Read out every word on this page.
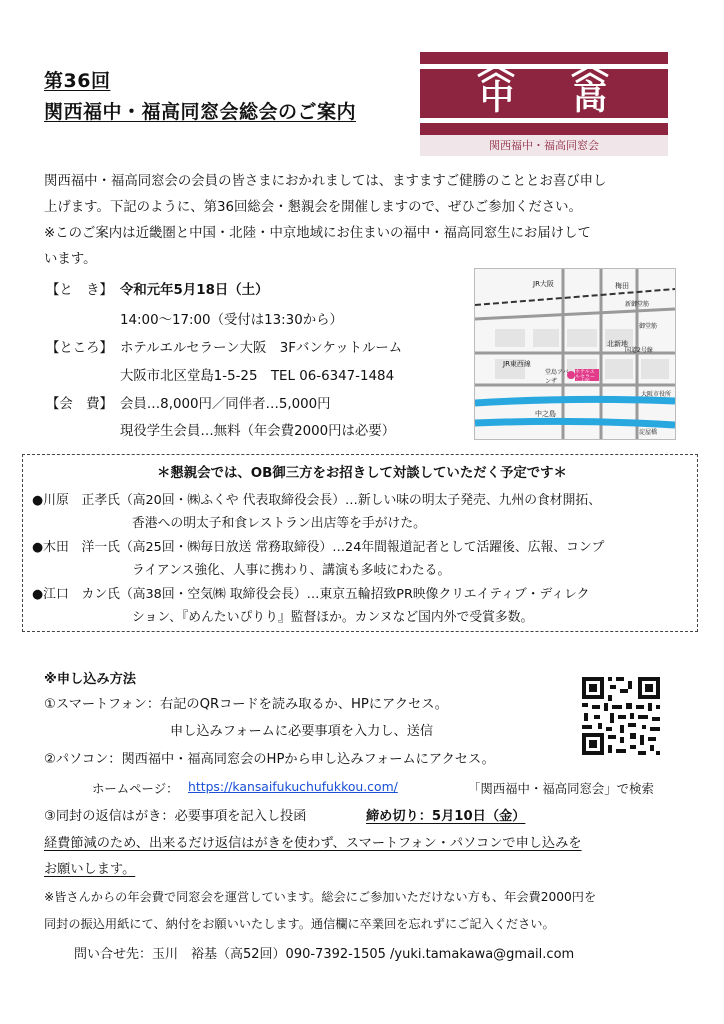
第36回
関西福中・福高同窓会総会のご案内	中 高
関西福中・福高同窓会
関西福中・福高同窓会の会員の皆さまにおかれましては、ますますご健勝のこととお喜び申し
上げます。下記のように、第36回総会・懇親会を開催しますので、ぜひご参加ください。
※このご案内は近畿圏と中国・北陸・中京地域にお住まいの福中・福高同窓生にお届けして
います。
【と　き】 令和元年5月18日（土）
14:00〜17:00（受付は13:30から）
【ところ】 ホテルエルセラーン大阪　3Fバンケットルーム
大阪市北区堂島1-5-25　TEL 06-6347-1484
【会　費】 会員…8,000円／同伴者…5,000円
現役学生会員…無料（年会費2000円は必要）
JR大阪	梅田
JR東西線
堂島アバンザ
ホテルエルセラーン大阪
北新地
国道2号線
大阪市役所
中之島
新御堂筋
御堂筋
淀屋橋
＊懇親会では、OB御三方をお招きして対談していただく予定です＊
●川原　正孝氏（高20回・㈱ふくや 代表取締役会長）…新しい味の明太子発売、九州の食材開拓、
香港への明太子和食レストラン出店等を手がけた。
●木田　洋一氏（高25回・㈱毎日放送 常務取締役）…24年間報道記者として活躍後、広報、コンプ
ライアンス強化、人事に携わり、講演も多岐にわたる。
●江口　カン氏（高38回・空気㈱ 取締役会長）…東京五輪招致PR映像クリエイティブ・ディレク
ション、『めんたいぴりり』監督ほか。カンヌなど国内外で受賞多数。
※申し込み方法
①スマートフォン：右記のQRコードを読み取るか、HPにアクセス。
申し込みフォームに必要事項を入力し、送信
②パソコン：関西福中・福高同窓会のHPから申し込みフォームにアクセス。
ホームページ： https://kansaifukuchufukkou.com/	「関西福中・福高同窓会」で検索
③同封の返信はがき：必要事項を記入し投函	締め切り：5月10日（金）
経費節減のため、出来るだけ返信はがきを使わず、スマートフォン・パソコンで申し込みを
お願いします。
※皆さんからの年会費で同窓会を運営しています。総会にご参加いただけない方も、年会費2000円を
同封の振込用紙にて、納付をお願いいたします。通信欄に卒業回を忘れずにご記入ください。
問い合せ先：玉川　裕基（高52回）090-7392-1505 /yuki.tamakawa@gmail.com
